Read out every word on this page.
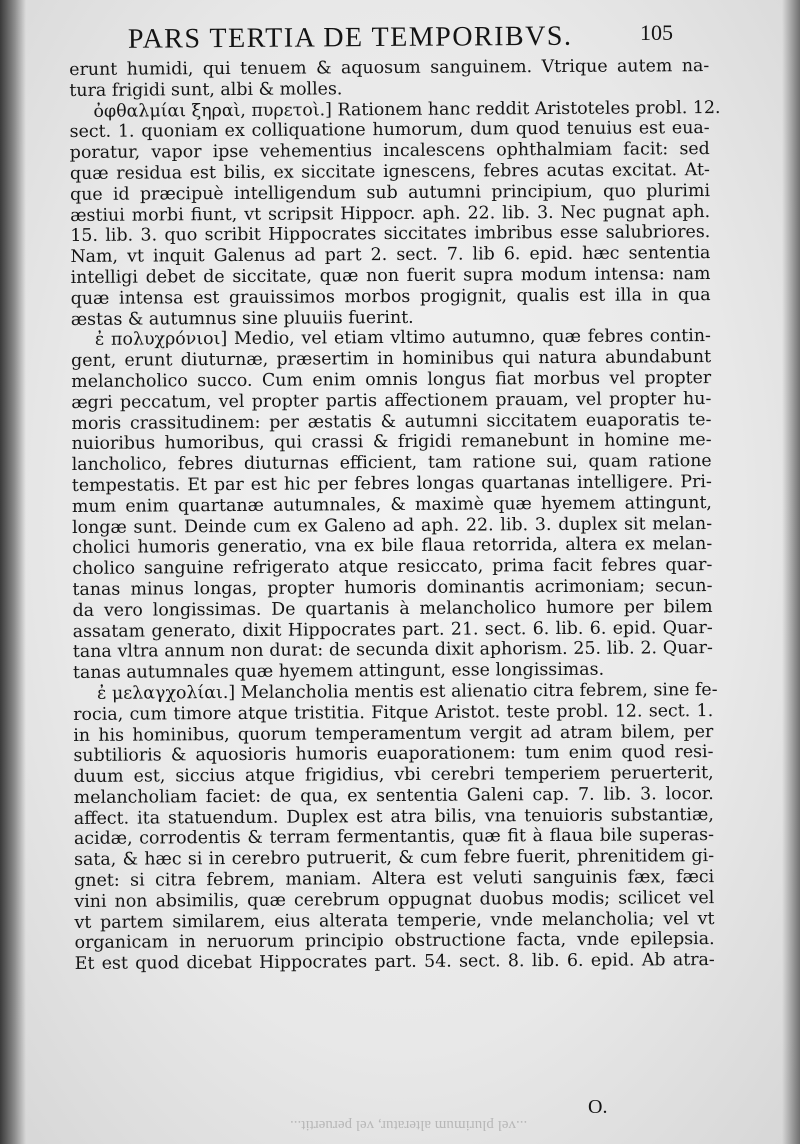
PARS TERTIA DE TEMPORIBVS.	105
erunt humidi, qui tenuem & aquosum sanguinem. Vtrique autem na-
tura frigidi sunt, albi & molles.
ὀφθαλμίαι ξηραὶ, πυρετοὶ.] Rationem hanc reddit Aristoteles probl. 12.
sect. 1. quoniam ex colliquatione humorum, dum quod tenuius est eua-
poratur, vapor ipse vehementius incalescens ophthalmiam facit: sed
quæ residua est bilis, ex siccitate ignescens, febres acutas excitat. At-
que id præcipuè intelligendum sub autumni principium, quo plurimi
æstiui morbi fiunt, vt scripsit Hippocr. aph. 22. lib. 3. Nec pugnat aph.
15. lib. 3. quo scribit Hippocrates siccitates imbribus esse salubriores.
Nam, vt inquit Galenus ad part 2. sect. 7. lib 6. epid. hæc sententia
intelligi debet de siccitate, quæ non fuerit supra modum intensa: nam
quæ intensa est grauissimos morbos progignit, qualis est illa in qua
æstas & autumnus sine pluuiis fuerint.
ἐ πολυχρόνιοι] Medio, vel etiam vltimo autumno, quæ febres contin-
gent, erunt diuturnæ, præsertim in hominibus qui natura abundabunt
melancholico succo. Cum enim omnis longus fiat morbus vel propter
ægri peccatum, vel propter partis affectionem prauam, vel propter hu-
moris crassitudinem: per æstatis & autumni siccitatem euaporatis te-
nuioribus humoribus, qui crassi & frigidi remanebunt in homine me-
lancholico, febres diuturnas efficient, tam ratione sui, quam ratione
tempestatis. Et par est hic per febres longas quartanas intelligere. Pri-
mum enim quartanæ autumnales, & maximè quæ hyemem attingunt,
longæ sunt. Deinde cum ex Galeno ad aph. 22. lib. 3. duplex sit melan-
cholici humoris generatio, vna ex bile flaua retorrida, altera ex melan-
cholico sanguine refrigerato atque resiccato, prima facit febres quar-
tanas minus longas, propter humoris dominantis acrimoniam; secun-
da vero longissimas. De quartanis à melancholico humore per bilem
assatam generato, dixit Hippocrates part. 21. sect. 6. lib. 6. epid. Quar-
tana vltra annum non durat: de secunda dixit aphorism. 25. lib. 2. Quar-
tanas autumnales quæ hyemem attingunt, esse longissimas.
ἐ μελαγχολίαι.] Melancholia mentis est alienatio citra febrem, sine fe-
rocia, cum timore atque tristitia. Fitque Aristot. teste probl. 12. sect. 1.
in his hominibus, quorum temperamentum vergit ad atram bilem, per
subtilioris & aquosioris humoris euaporationem: tum enim quod resi-
duum est, siccius atque frigidius, vbi cerebri temperiem peruerterit,
melancholiam faciet: de qua, ex sententia Galeni cap. 7. lib. 3. locor.
affect. ita statuendum. Duplex est atra bilis, vna tenuioris substantiæ,
acidæ, corrodentis & terram fermentantis, quæ fit à flaua bile superas-
sata, & hæc si in cerebro putruerit, & cum febre fuerit, phrenitidem gi-
gnet: si citra febrem, maniam. Altera est veluti sanguinis fæx, fæci
vini non absimilis, quæ cerebrum oppugnat duobus modis; scilicet vel
vt partem similarem, eius alterata temperie, vnde melancholia; vel vt
organicam in neruorum principio obstructione facta, vnde epilepsia.
Et est quod dicebat Hippocrates part. 54. sect. 8. lib. 6. epid. Ab atra-
O.
...vel plurimum alteratur, vel peruertit...
